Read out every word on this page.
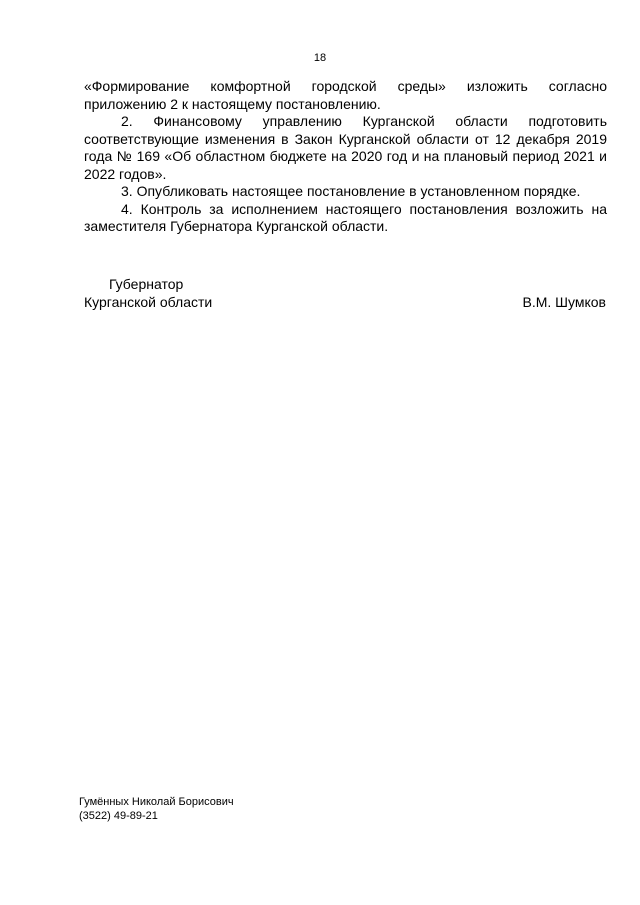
18

«Формирование комфортной городской среды» изложить согласно приложению 2 к настоящему постановлению.

2. Финансовому управлению Курганской области подготовить соответствующие изменения в Закон Курганской области от 12 декабря 2019 года № 169 «Об областном бюджете на 2020 год и на плановый период 2021 и 2022 годов».

3. Опубликовать настоящее постановление в установленном порядке.

4. Контроль за исполнением настоящего постановления возложить на заместителя Губернатора Курганской области.

Губернатор
Курганской области	В.М. Шумков
Гумённых Николай Борисович
(3522) 49-89-21
